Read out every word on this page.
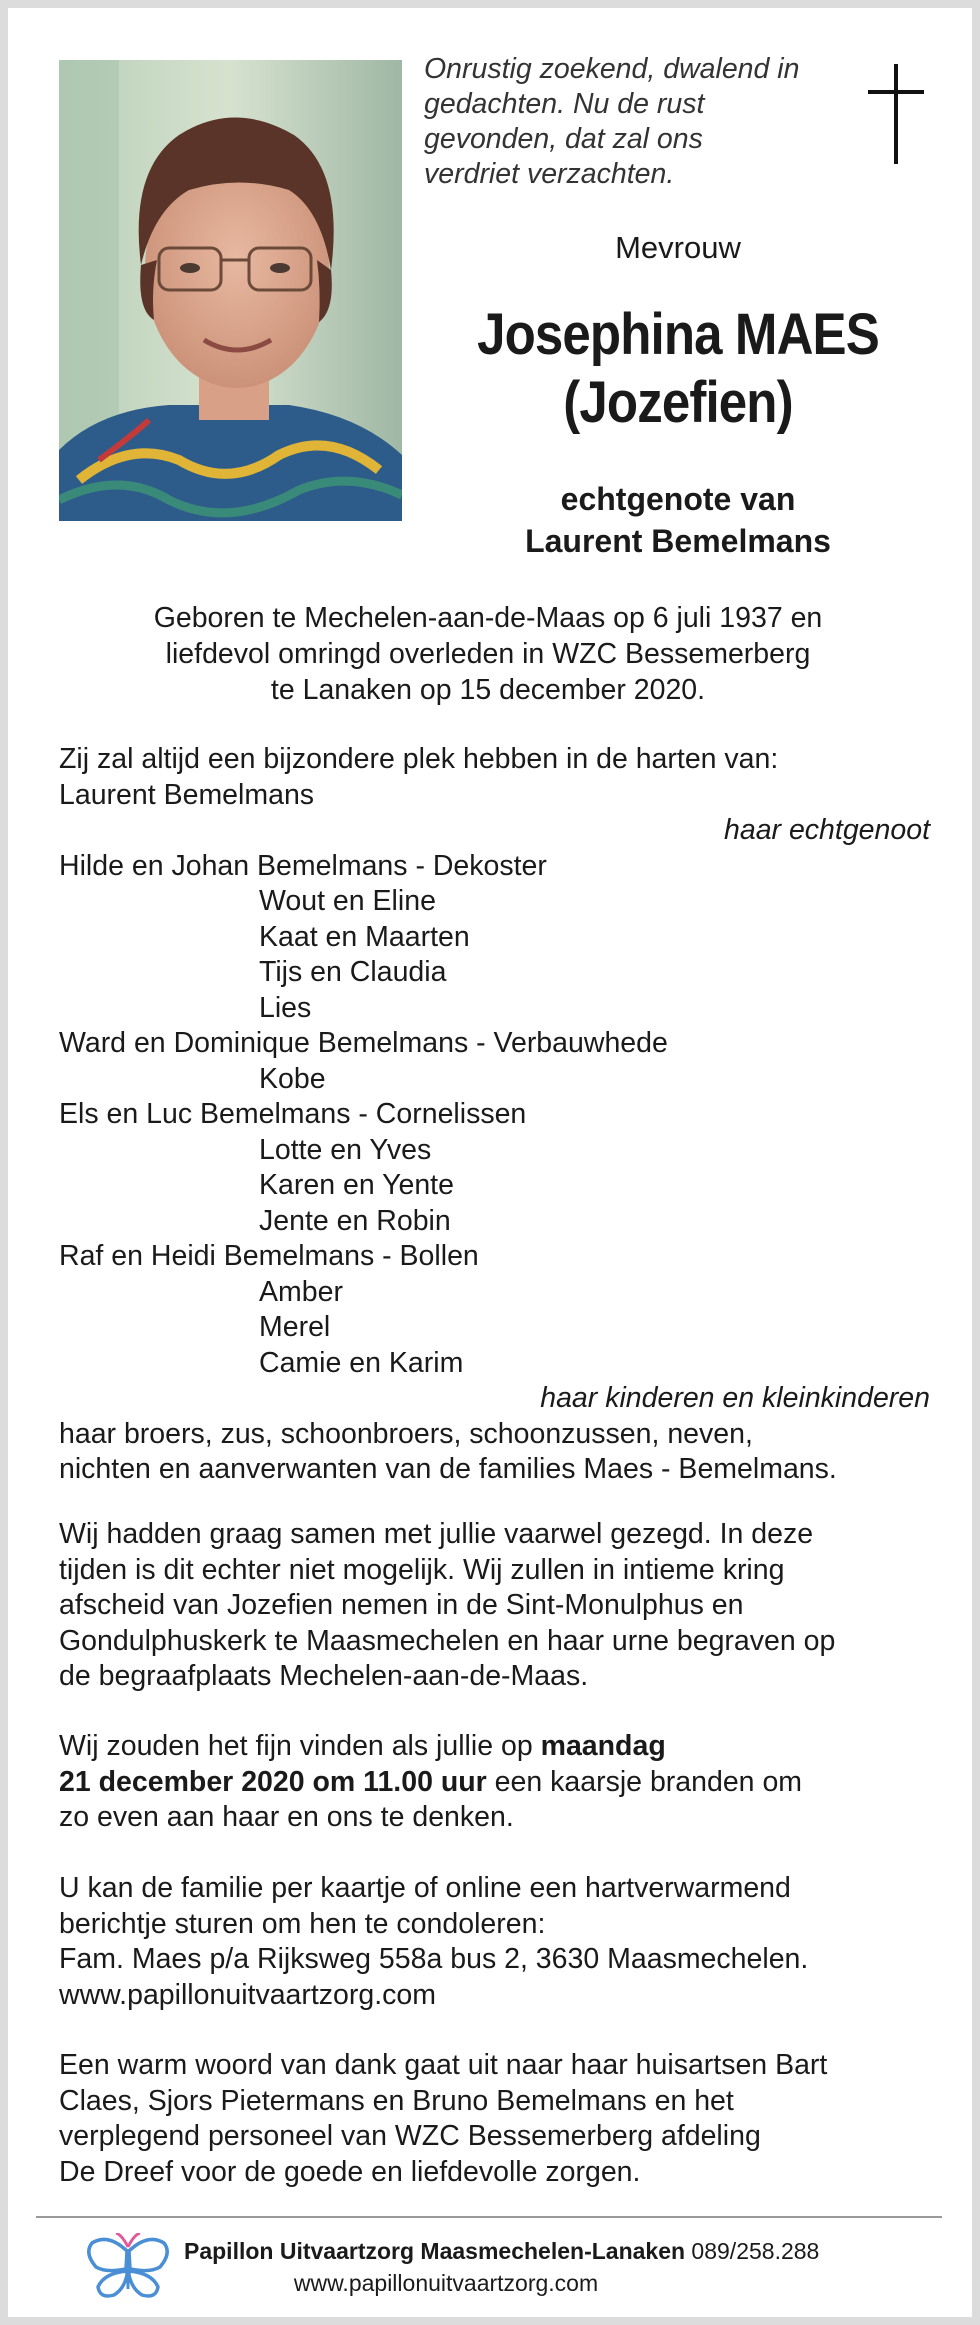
Onrustig zoekend, dwalend in
gedachten. Nu de rust
gevonden, dat zal ons
verdriet verzachten.
Mevrouw
Josephina MAES
(Jozefien)
echtgenote van
Laurent Bemelmans
Geboren te Mechelen-aan-de-Maas op 6 juli 1937 en
liefdevol omringd overleden in WZC Bessemerberg
te Lanaken op 15 december 2020.
Zij zal altijd een bijzondere plek hebben in de harten van:
Laurent Bemelmans
haar echtgenoot
Hilde en Johan Bemelmans - Dekoster
Wout en Eline
Kaat en Maarten
Tijs en Claudia
Lies
Ward en Dominique Bemelmans - Verbauwhede
Kobe
Els en Luc Bemelmans - Cornelissen
Lotte en Yves
Karen en Yente
Jente en Robin
Raf en Heidi Bemelmans - Bollen
Amber
Merel
Camie en Karim
haar kinderen en kleinkinderen
haar broers, zus, schoonbroers, schoonzussen, neven,
nichten en aanverwanten van de families Maes - Bemelmans.
Wij hadden graag samen met jullie vaarwel gezegd. In deze
tijden is dit echter niet mogelijk. Wij zullen in intieme kring
afscheid van Jozefien nemen in de Sint-Monulphus en
Gondulphuskerk te Maasmechelen en haar urne begraven op
de begraafplaats Mechelen-aan-de-Maas.
Wij zouden het fijn vinden als jullie op maandag
21 december 2020 om 11.00 uur een kaarsje branden om
zo even aan haar en ons te denken.
U kan de familie per kaartje of online een hartverwarmend
berichtje sturen om hen te condoleren:
Fam. Maes p/a Rijksweg 558a bus 2, 3630 Maasmechelen.
www.papillonuitvaartzorg.com
Een warm woord van dank gaat uit naar haar huisartsen Bart
Claes, Sjors Pietermans en Bruno Bemelmans en het
verplegend personeel van WZC Bessemerberg afdeling
De Dreef voor de goede en liefdevolle zorgen.
Papillon Uitvaartzorg Maasmechelen-Lanaken 089/258.288
www.papillonuitvaartzorg.com
